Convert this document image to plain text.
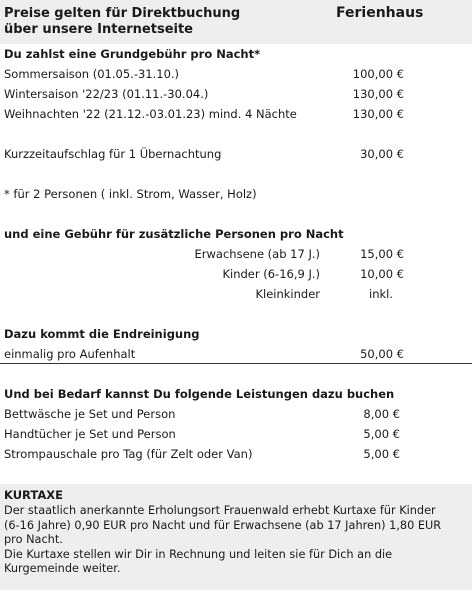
Preise gelten für Direktbuchung
über unsere Internetseite
Ferienhaus
Du zahlst eine Grundgebühr pro Nacht*
Sommersaison (01.05.-31.10.)	100,00 €
Wintersaison '22/23 (01.11.-30.04.)	130,00 €
Weihnachten '22 (21.12.-03.01.23) mind. 4 Nächte	130,00 €
Kurzzeitaufschlag für 1 Übernachtung	30,00 €
* für 2 Personen ( inkl. Strom, Wasser, Holz)
und eine Gebühr für zusätzliche Personen pro Nacht
Erwachsene (ab 17 J.)	15,00 €
Kinder (6-16,9 J.)	10,00 €
Kleinkinder	inkl.
Dazu kommt die Endreinigung
einmalig pro Aufenhalt	50,00 €
Und bei Bedarf kannst Du folgende Leistungen dazu buchen
Bettwäsche je Set und Person	8,00 €
Handtücher je Set und Person	5,00 €
Strompauschale pro Tag (für Zelt oder Van)	5,00 €
KURTAXE
Der staatlich anerkannte Erholungsort Frauenwald erhebt Kurtaxe für Kinder (6-16 Jahre) 0,90 EUR pro Nacht und für Erwachsene (ab 17 Jahren) 1,80 EUR pro Nacht.
Die Kurtaxe stellen wir Dir in Rechnung und leiten sie für Dich an die Kurgemeinde weiter.
